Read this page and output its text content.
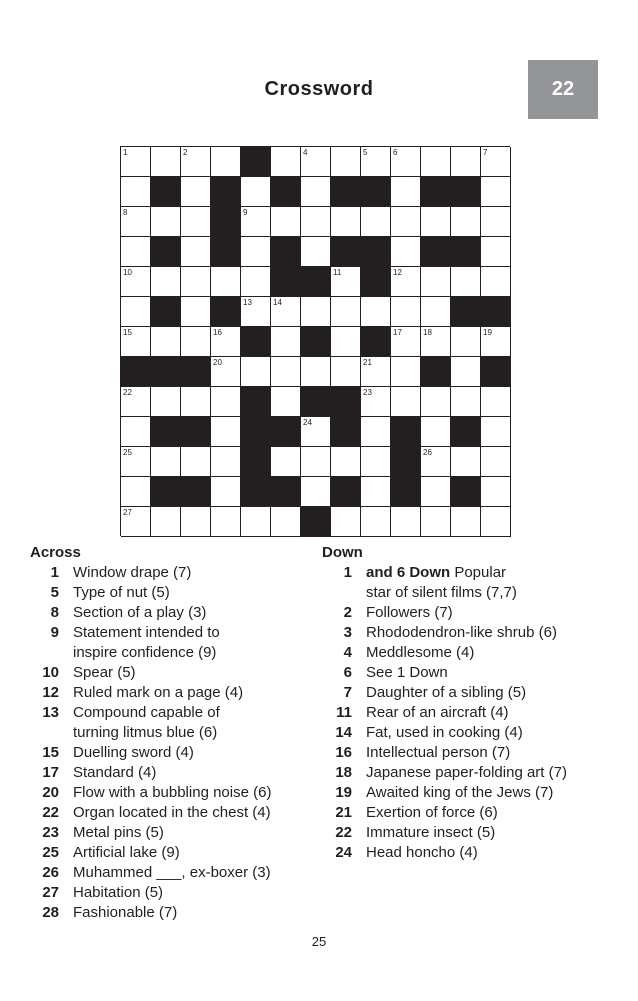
Crossword	22
1	2	4	5	6	7
8	9
10	11	12
13	14
15	16	17	18	19
20	21
22	23
24
25	26
27
Across
1 Window drape (7)
5 Type of nut (5)
8 Section of a play (3)
9 Statement intended to
inspire confidence (9)
10 Spear (5)
12 Ruled mark on a page (4)
13 Compound capable of
turning litmus blue (6)
15 Duelling sword (4)
17 Standard (4)
20 Flow with a bubbling noise (6)
22 Organ located in the chest (4)
23 Metal pins (5)
25 Artificial lake (9)
26 Muhammed ___, ex-boxer (3)
27 Habitation (5)
28 Fashionable (7)
Down
1 and 6 Down Popular
star of silent films (7,7)
2 Followers (7)
3 Rhododendron-like shrub (6)
4 Meddlesome (4)
6 See 1 Down
7 Daughter of a sibling (5)
11 Rear of an aircraft (4)
14 Fat, used in cooking (4)
16 Intellectual person (7)
18 Japanese paper-folding art (7)
19 Awaited king of the Jews (7)
21 Exertion of force (6)
22 Immature insect (5)
24 Head honcho (4)
25
